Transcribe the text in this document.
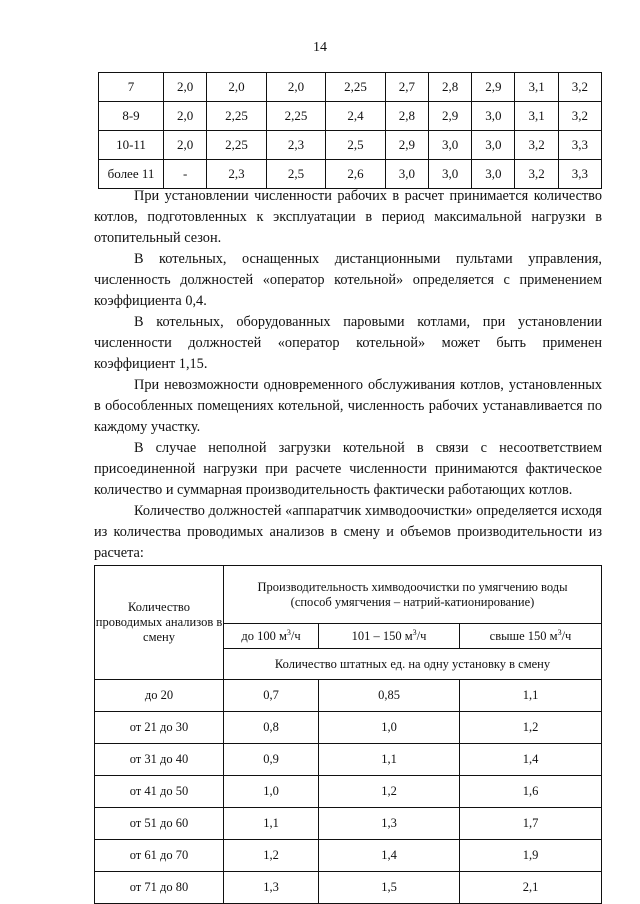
14
7	2,0	2,0	2,0	2,25	2,7	2,8	2,9	3,1	3,2
8-9	2,0	2,25	2,25	2,4	2,8	2,9	3,0	3,1	3,2
10-11	2,0	2,25	2,3	2,5	2,9	3,0	3,0	3,2	3,3
более 11	-	2,3	2,5	2,6	3,0	3,0	3,0	3,2	3,3

При установлении численности рабочих в расчет принимается количество котлов, подготовленных к эксплуатации в период максимальной нагрузки в отопительный сезон.

В котельных, оснащенных дистанционными пультами управления, численность должностей «оператор котельной» определяется с применением коэффициента 0,4.

В котельных, оборудованных паровыми котлами, при установлении численности должностей «оператор котельной» может быть применен коэффициент 1,15.

При невозможности одновременного обслуживания котлов, установленных в обособленных помещениях котельной, численность рабочих устанавливается по каждому участку.

В случае неполной загрузки котельной в связи с несоответствием присоединенной нагрузки при расчете численности принимаются фактическое количество и суммарная производительность фактически работающих котлов.

Количество должностей «аппаратчик химводоочистки» определяется исходя из количества проводимых анализов в смену и объемов производительности из расчета:

Количество проводимых анализов в смену	Производительность химводоочистки по умягчению воды
(способ умягчения – натрий-катионирование)		
	до 100 $м^3/ч$	101 – 150 $м^3/ч$	свыше 150 $м^3/ч$
	Количество штатных ед. на одну установку в смену		
до 20	0,7	0,85	1,1
от 21 до 30	0,8	1,0	1,2
от 31 до 40	0,9	1,1	1,4
от 41 до 50	1,0	1,2	1,6
от 51 до 60	1,1	1,3	1,7
от 61 до 70	1,2	1,4	1,9
от 71 до 80	1,3	1,5	2,1
